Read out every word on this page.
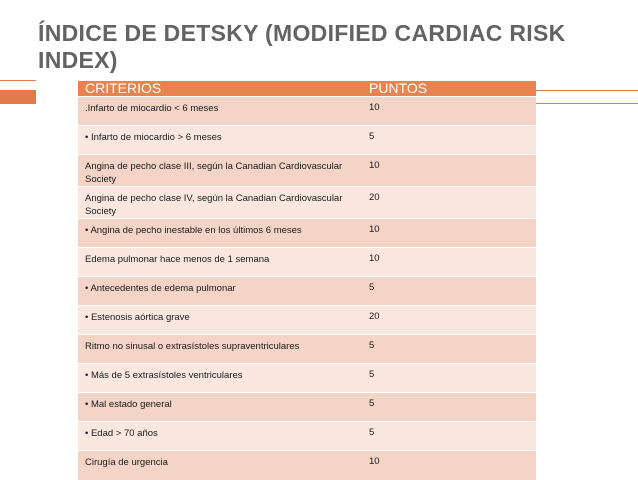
ÍNDICE DE DETSKY (MODIFIED CARDIAC RISK INDEX)
CRITERIOS	PUNTOS
.Infarto de miocardio < 6 meses	10
• Infarto de miocardio > 6 meses	5
Angina de pecho clase III, según la Canadian Cardiovascular Society	10
Angina de pecho clase IV, según la Canadian Cardiovascular Society	20
• Angina de pecho inestable en los últimos 6 meses	10
Edema pulmonar hace menos de 1 semana	10
• Antecedentes de edema pulmonar	5
• Estenosis aórtica grave	20
Ritmo no sinusal o extrasístoles supraventriculares	5
• Más de 5 extrasístoles ventriculares	5
• Mal estado general	5
• Edad > 70 años	5
Cirugía de urgencia	10
